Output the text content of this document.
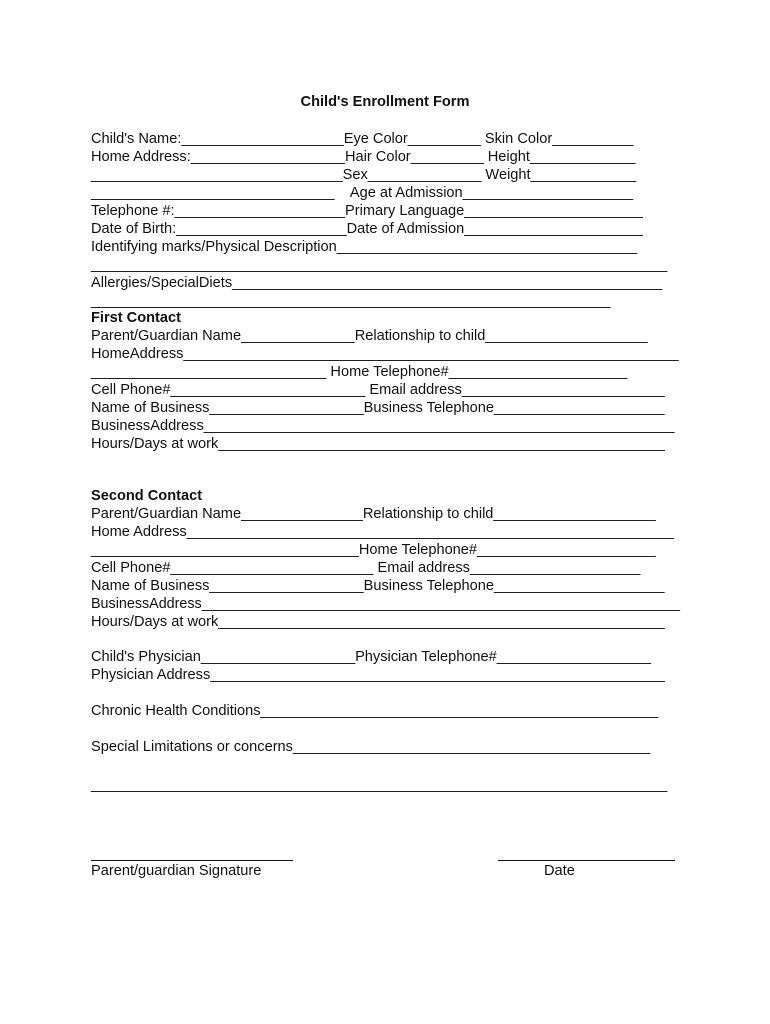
Child's Enrollment Form
Child's Name:____________________Eye Color_________ Skin Color__________
Home Address:___________________Hair Color_________ Height_____________
_______________________________Sex______________ Weight_____________
______________________________    Age at Admission_____________________
Telephone #:_____________________Primary Language______________________
Date of Birth:_____________________Date of Admission______________________
Identifying marks/Physical Description_____________________________________
_______________________________________________________________________
Allergies/SpecialDiets_____________________________________________________
________________________________________________________________
First Contact
Parent/Guardian Name______________Relationship to child____________________
HomeAddress_____________________________________________________________
_____________________________ Home Telephone#______________________
Cell Phone#________________________ Email address_________________________
Name of Business___________________Business Telephone_____________________
BusinessAddress__________________________________________________________
Hours/Days at work_______________________________________________________
Second Contact
Parent/Guardian Name_______________Relationship to child____________________
Home Address____________________________________________________________
_________________________________Home Telephone#______________________
Cell Phone#_________________________ Email address_____________________
Name of Business___________________Business Telephone_____________________
BusinessAddress____________________________________________________________
Hours/Days at work_______________________________________________________
Child's Physician___________________Physician Telephone#___________________
Physician Address________________________________________________________
Chronic Health Conditions_________________________________________________
Special Limitations or concerns____________________________________________
_______________________________________________________________________
Parent/guardian Signature	Date
